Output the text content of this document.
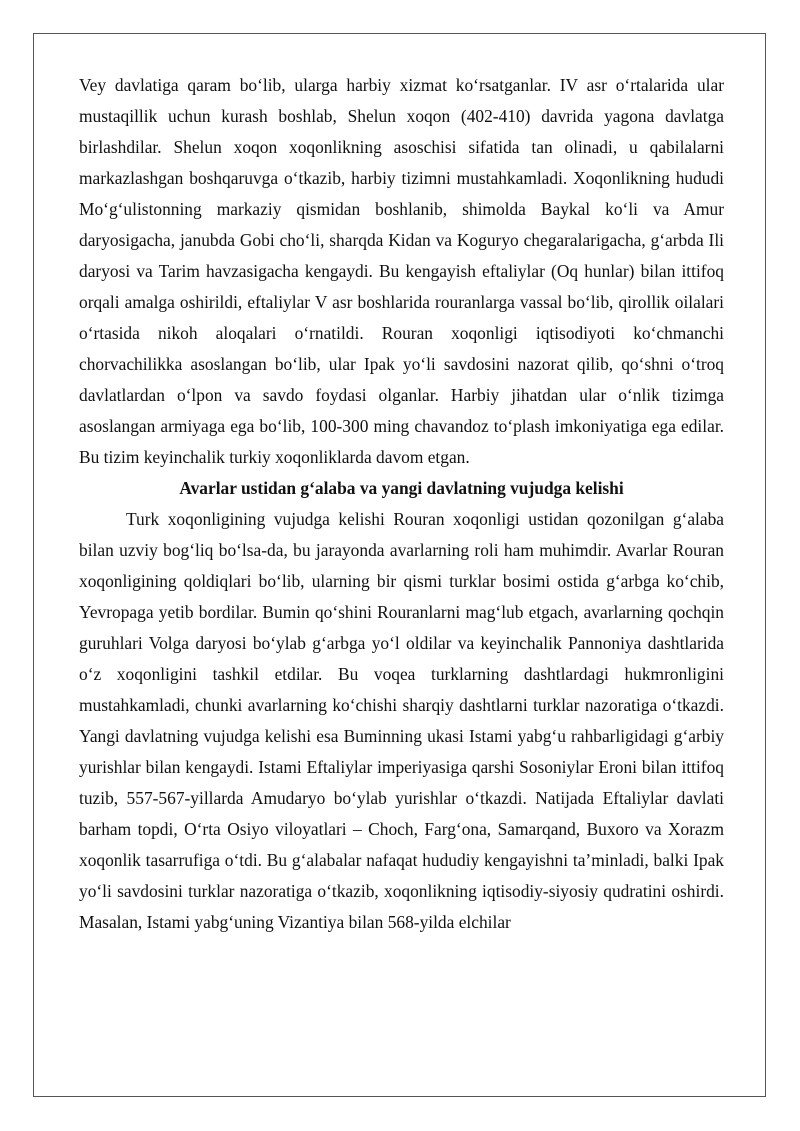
Vey davlatiga qaram boʻlib, ularga harbiy xizmat koʻrsatganlar. IV asr oʻrtalarida ular mustaqillik uchun kurash boshlab, Shelun xoqon (402-410) davrida yagona davlatga birlashdilar. Shelun xoqon xoqonlikning asoschisi sifatida tan olinadi, u qabilalarni markazlashgan boshqaruvga oʻtkazib, harbiy tizimni mustahkamladi. Xoqonlikning hududi Moʻgʻulistonning markaziy qismidan boshlanib, shimolda Baykal koʻli va Amur daryosigacha, janubda Gobi choʻli, sharqda Kidan va Koguryo chegaralarigacha, gʻarbda Ili daryosi va Tarim havzasigacha kengaydi. Bu kengayish eftaliylar (Oq hunlar) bilan ittifoq orqali amalga oshirildi, eftaliylar V asr boshlarida rouranlarga vassal boʻlib, qirollik oilalari oʻrtasida nikoh aloqalari oʻrnatildi. Rouran xoqonligi iqtisodiyoti koʻchmanchi chorvachilikka asoslangan boʻlib, ular Ipak yoʻli savdosini nazorat qilib, qoʻshni oʻtroq davlatlardan oʻlpon va savdo foydasi olganlar. Harbiy jihatdan ular oʻnlik tizimga asoslangan armiyaga ega boʻlib, 100-300 ming chavandoz toʻplash imkoniyatiga ega edilar. Bu tizim keyinchalik turkiy xoqonliklarda davom etgan.

Avarlar ustidan gʻalaba va yangi davlatning vujudga kelishi

Turk xoqonligining vujudga kelishi Rouran xoqonligi ustidan qozonilgan gʻalaba bilan uzviy bogʻliq boʻlsa-da, bu jarayonda avarlarning roli ham muhimdir. Avarlar Rouran xoqonligining qoldiqlari boʻlib, ularning bir qismi turklar bosimi ostida gʻarbga koʻchib, Yevropaga yetib bordilar. Bumin qoʻshini Rouranlarni magʻlub etgach, avarlarning qochqin guruhlari Volga daryosi boʻylab gʻarbga yoʻl oldilar va keyinchalik Pannoniya dashtlarida oʻz xoqonligini tashkil etdilar. Bu voqea turklarning dashtlardagi hukmronligini mustahkamladi, chunki avarlarning koʻchishi sharqiy dashtlarni turklar nazoratiga oʻtkazdi. Yangi davlatning vujudga kelishi esa Buminning ukasi Istami yabgʻu rahbarligidagi gʻarbiy yurishlar bilan kengaydi. Istami Eftaliylar imperiyasiga qarshi Sosoniylar Eroni bilan ittifoq tuzib, 557-567-yillarda Amudaryo boʻylab yurishlar oʻtkazdi. Natijada Eftaliylar davlati barham topdi, Oʻrta Osiyo viloyatlari – Choch, Fargʻona, Samarqand, Buxoro va Xorazm xoqonlik tasarrufiga oʻtdi. Bu gʻalabalar nafaqat hududiy kengayishni taʼminladi, balki Ipak yoʻli savdosini turklar nazoratiga oʻtkazib, xoqonlikning iqtisodiy-siyosiy qudratini oshirdi. Masalan, Istami yabgʻuning Vizantiya bilan 568-yilda elchilar
